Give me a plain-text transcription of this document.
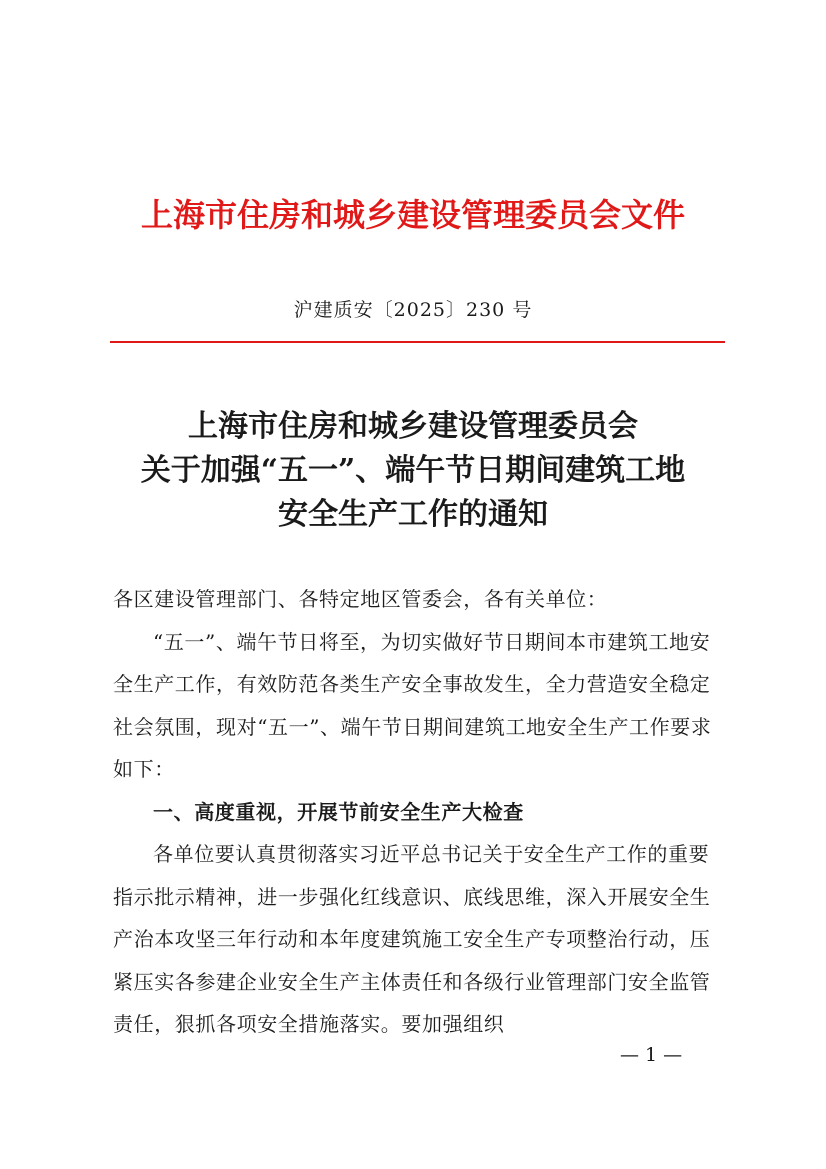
上海市住房和城乡建设管理委员会文件
沪建质安〔2025〕230 号
上海市住房和城乡建设管理委员会
关于加强“五一”、端午节日期间建筑工地
安全生产工作的通知

各区建设管理部门、各特定地区管委会，各有关单位：

“五一”、端午节日将至，为切实做好节日期间本市建筑工地安全生产工作，有效防范各类生产安全事故发生，全力营造安全稳定社会氛围，现对“五一”、端午节日期间建筑工地安全生产工作要求如下：

一、高度重视，开展节前安全生产大检查

各单位要认真贯彻落实习近平总书记关于安全生产工作的重要指示批示精神，进一步强化红线意识、底线思维，深入开展安全生产治本攻坚三年行动和本年度建筑施工安全生产专项整治行动，压紧压实各参建企业安全生产主体责任和各级行业管理部门安全监管责任，狠抓各项安全措施落实。要加强组织

— 1 —
